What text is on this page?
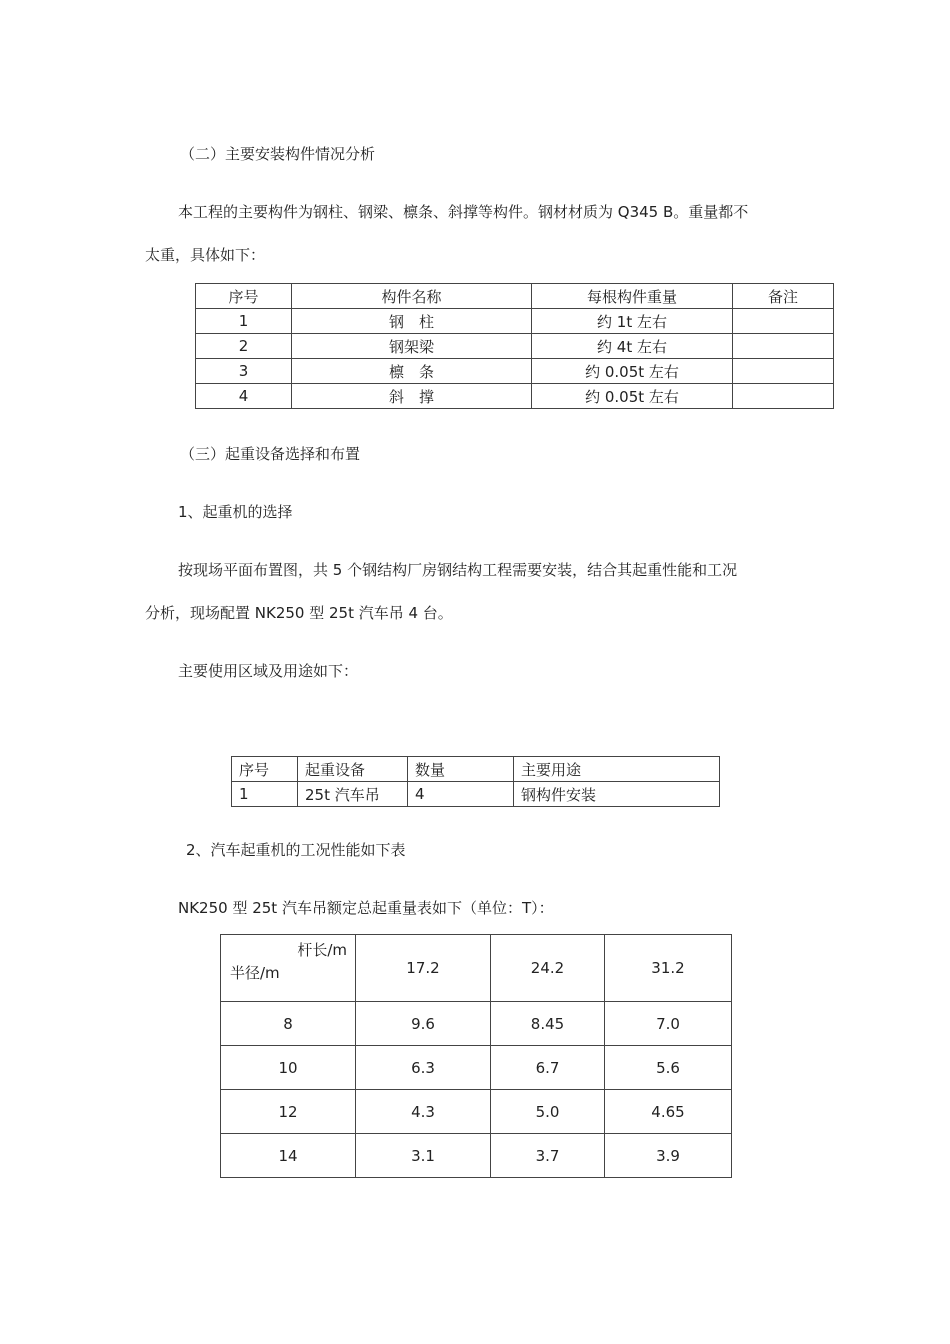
（二）主要安装构件情况分析
本工程的主要构件为钢柱、钢梁、檩条、斜撑等构件。钢材材质为 Q345 B。重量都不
太重，具体如下：
序号	构件名称	每根构件重量	备注
1	钢　柱	约 1t 左右	
2	钢架梁	约 4t 左右	
3	檩　条	约 0.05t 左右	
4	斜　撑	约 0.05t 左右	
（三）起重设备选择和布置
1、起重机的选择
按现场平面布置图，共 5 个钢结构厂房钢结构工程需要安装，结合其起重性能和工况
分析，现场配置 NK250 型 25t 汽车吊 4 台。
主要使用区域及用途如下：
序号	起重设备	数量	主要用途
1	25t 汽车吊	4	钢构件安装
2、汽车起重机的工况性能如下表
NK250 型 25t 汽车吊额定总起重量表如下（单位：T）：
杆长/m
半径/m	17.2	24.2	31.2
8	9.6	8.45	7.0
10	6.3	6.7	5.6
12	4.3	5.0	4.65
14	3.1	3.7	3.9
